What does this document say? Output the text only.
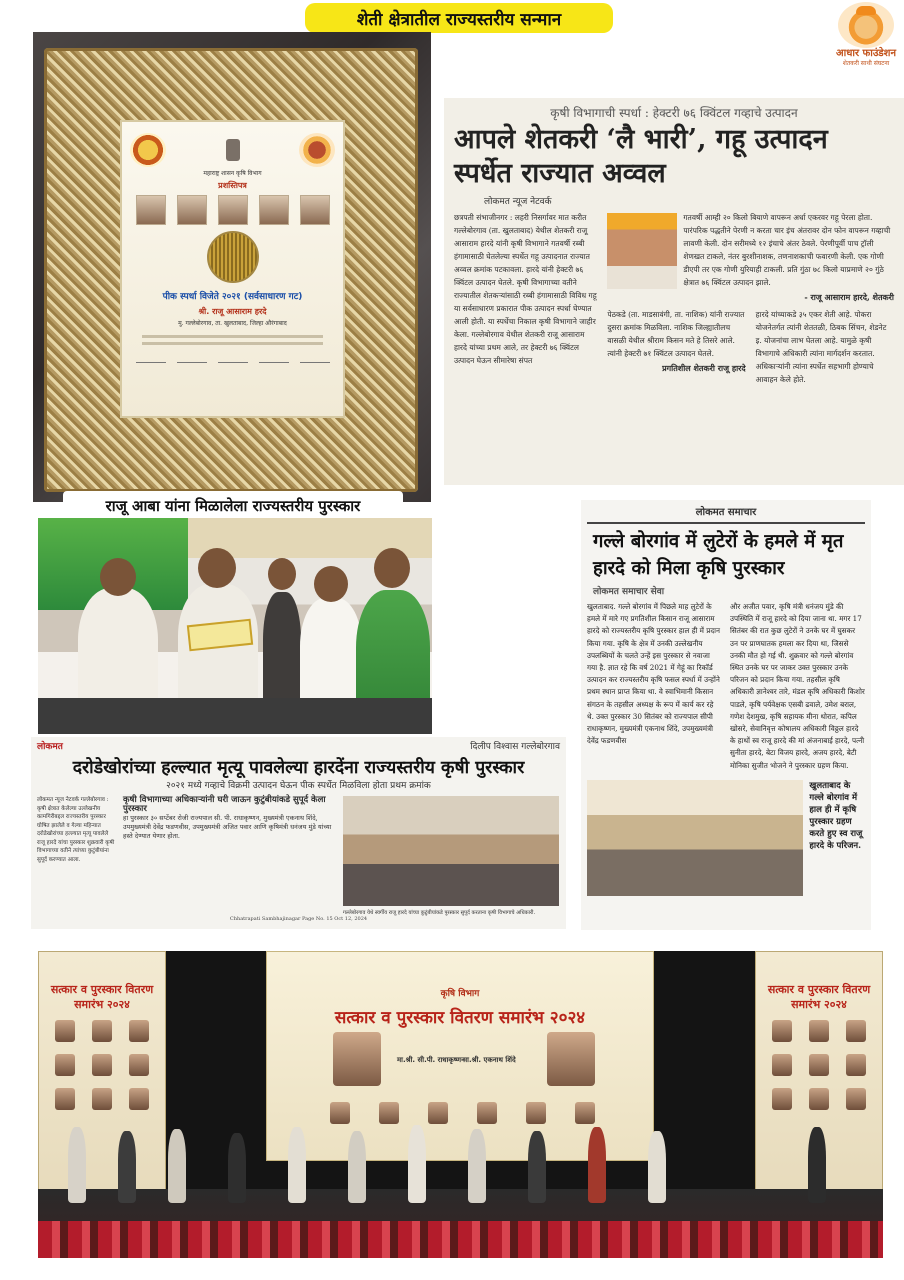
शेती क्षेत्रातील राज्यस्तरीय सन्मान
आधार फाउंडेशन
शेतकरी साथी संघटना
महाराष्ट्र शासन कृषि विभाग
प्रशस्तिपत्र
पीक स्पर्धा विजेते २०२१ (सर्वसाधारण गट)
श्री. राजू आसाराम हरदे
मु. गल्लेबोरगाव, ता. खुलताबाद, जिल्हा औरंगाबाद
राजू आबा यांना मिळालेला राज्यस्तरीय पुरस्कार
कृषी विभागाची स्पर्धा : हेक्टरी ७६ क्विंटल गव्हाचे उत्पादन
आपले शेतकरी ‘लै भारी’, गहू उत्पादन स्पर्धेत राज्यात अव्वल
लोकमत न्यूज नेटवर्क
छत्रपती संभाजीनगर : लहरी निसर्गावर मात करीत गल्लेबोरगाव (ता. खुलताबाद) येथील शेतकरी राजू आसाराम हारदे यांनी कृषी विभागाने गतवर्षी रब्बी हंगामासाठी घेतलेल्या स्पर्धेत गहू उत्पादनात राज्यात अव्वल क्रमांक पटकावला. हारदे यांनी हेक्टरी ७६ क्विंटल उत्पादन घेतले. कृषी विभागाच्या वतीने राज्यातील शेतकऱ्यांसाठी रब्बी हंगामासाठी विविध गहू या सर्वसाधारण प्रकारात पीक उत्पादन स्पर्धा घेण्यात आली होती. या स्पर्धेचा निकाल कृषी विभागाने जाहीर केला. गल्लेबोरगाव येथील शेतकरी राजू आसाराम हारदे यांच्या प्रथम आले, तर हेक्टरी ७६ क्विंटल उत्पादन घेऊन सीमारेषा संपत
गतवर्षी आम्ही २० किलो बियाणे वापरून अर्धा एकरवर गहू पेरला होता. पारंपरिक पद्धतीने पेरणी न करता चार इंच अंतरावर दोन फोन वापरून गव्हाची लावणी केली. दोन सरीमध्ये १२ इंचाचे अंतर ठेवले. पेरणीपूर्वी पाच ट्रॉली शेणखत टाकले, नंतर बुरशीनाशक, तणनाशकाची फवारणी केली. एक गोणी डीएपी तर एक गोणी युरियाही टाकली. प्रति गुंठा ७८ किलो याप्रमाणे २० गुंठे क्षेत्रात ७६ क्विंटल उत्पादन झाले.
- राजू आसाराम हारदे, शेतकरी
पेठकडे (ता. माडसावंगी, ता. नाशिक) यांनी राज्यात दुसरा क्रमांक मिळविला. नाशिक जिल्ह्यातीलच वासळी येथील श्रीराम किसन मते हे तिसरे आले. त्यांनी हेक्टरी ७१ क्विंटल उत्पादन घेतले.
प्रगतिशील शेतकरी राजू हारदे
हारदे यांच्याकडे ३५ एकर शेती आहे. पोकरा योजनेतर्गत त्यांनी शेततळी, ठिबक सिंचन, शेडनेट इ. योजनांचा लाभ घेतला आहे. यामुळे कृषी विभागाचे अधिकारी त्यांना मार्गदर्शन करतात. अधिकाऱ्यांनी त्यांना स्पर्धेत सहभागी होण्याचे आवाहन केले होते.
लोकमत समाचार
गल्ले बोरगांव में लुटेरों के हमले में मृत हारदे को मिला कृषि पुरस्कार
लोकमत समाचार सेवा
खुलताबाद. गल्ले बोरगांव में पिछले माह लुटेरों के हमले में मारे गए प्रगतिशील किसान राजू आसाराम हारदे को राज्यस्तरीय कृषि पुरस्कार हाल ही में प्रदान किया गया. कृषि के क्षेत्र में उनकी उल्लेखनीय उपलब्धियों के चलते उन्हें इस पुरस्कार से नवाजा गया है. ज्ञात रहे कि वर्ष 2021 में गेहूं का रिकॉर्ड उत्पादन कर राज्यस्तरीय कृषि फसल स्पर्धा में उन्होंने प्रथम स्थान प्राप्त किया था. वे स्वाभिमानी किसान संगठन के तहसील अध्यक्ष के रूप में कार्य कर रहे थे. उक्त पुरस्कार 30 सितंबर को राज्यपाल सीपी राधाकृष्णन, मुख्यमंत्री एकनाथ शिंदे, उपमुख्यमंत्री देवेंद्र फडणवीस
और अजीत पवार, कृषि मंत्री धनंजय मुंडे की उपस्थिति में राजू हारदे को दिया जाना था. मगर 17 सितंबर की रात कुछ लुटेरों ने उनके घर में घुसकर उन पर प्राणघातक हमला कर दिया था, जिससे उनकी मौत हो गई थी. शुक्रवार को गल्ले बोरगांव स्थित उनके घर पर जाकर उक्त पुरस्कार उनके परिजन को प्रदान किया गया. तहसील कृषि अधिकारी ज्ञानेश्वर तारे, मंडल कृषि अधिकारी किशोर पाडले, कृषि पर्यवेक्षक एसबी ढवाले, उमेश बराल, गणेश देशमुख, कृषि सहायक मीना थोरात, कपिल खोसरे, सेवानिवृत्त कोषालय अधिकारी विठ्ठल हारदे के हाथों स्व राजू हारदे की मां अंजनाबाई हारदे, पत्नी सुनीता हारदे, बेटा विजय हारदे, अजय हारदे, बेटी मोनिका सुजीत भोजने ने पुरस्कार ग्रहण किया.
खुलताबाद के गल्ले बोरगांव में हाल ही में कृषि पुरस्कार ग्रहण करते हुए स्व राजू हारदे के परिजन.
लोकमत	दिलीप विश्वास गल्लेबोरगाव
दरोडेखोरांच्या हल्ल्यात मृत्यू पावलेल्या हारदेंना राज्यस्तरीय कृषी पुरस्कार
२०२१ मध्ये गव्हाचे विक्रमी उत्पादन घेऊन पीक स्पर्धेत मिळविला होता प्रथम क्रमांक
लोकमत न्यूज नेटवर्क गल्लेबोरगाव : कृषी क्षेत्रात केलेल्या उल्लेखनीय कामगिरीबद्दल राज्यस्तरीय पुरस्कार घोषित झालेले व गेल्या महिन्यात दरोडेखोरांच्या हल्ल्यात मृत्यू पावलेले राजू हारदे यांचा पुरस्कार शुक्रवारी कृषी विभागाच्या वतीने त्यांच्या कुटुंबीयांना सुपूर्द करण्यात आला.
कृषी विभागाच्या अधिकाऱ्यांनी घरी जाऊन कुटुंबीयांकडे सुपूर्द केला पुरस्कार
हा पुरस्कार ३० सप्टेंबर रोजी राज्यपाल सी. पी. राधाकृष्णन, मुख्यमंत्री एकनाथ शिंदे, उपमुख्यमंत्री देवेंद्र फडणवीस, उपमुख्यमंत्री अजित पवार आणि कृषिमंत्री धनंजय मुंडे यांच्या हस्ते देण्यात येणार होता.
गल्लेबोरगाव येथे स्वर्गीय राजू हारदे यांच्या कुटुंबीयांकडे पुरस्कार सुपूर्द करताना कृषी विभागाचे अधिकारी.
Chhatrapati Sambhajinagar Page No. 15 Oct 12, 2024
सत्कार व पुरस्कार वितरण
समारंभ २०२४
कृषि विभाग
सत्कार व पुरस्कार वितरण समारंभ २०२४
मा.श्री. सी.पी. राधाकृष्णन
मा.श्री. एकनाथ शिंदे
सत्कार व पुरस्कार वितरण
समारंभ २०२४
